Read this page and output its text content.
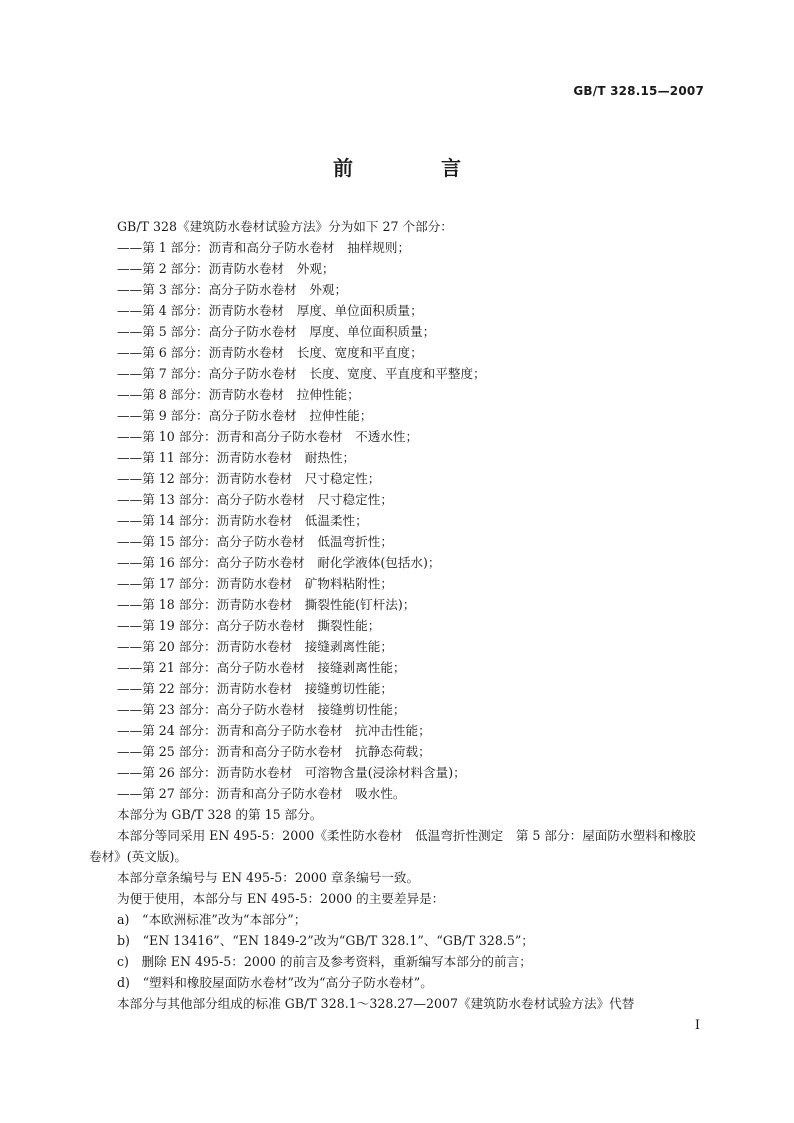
GB/T 328.15—2007
前　言
GB/T 328《建筑防水卷材试验方法》分为如下 27 个部分：
——第 1 部分：沥青和高分子防水卷材　抽样规则；
——第 2 部分：沥青防水卷材　外观；
——第 3 部分：高分子防水卷材　外观；
——第 4 部分：沥青防水卷材　厚度、单位面积质量；
——第 5 部分：高分子防水卷材　厚度、单位面积质量；
——第 6 部分：沥青防水卷材　长度、宽度和平直度；
——第 7 部分：高分子防水卷材　长度、宽度、平直度和平整度；
——第 8 部分：沥青防水卷材　拉伸性能；
——第 9 部分：高分子防水卷材　拉伸性能；
——第 10 部分：沥青和高分子防水卷材　不透水性；
——第 11 部分：沥青防水卷材　耐热性；
——第 12 部分：沥青防水卷材　尺寸稳定性；
——第 13 部分：高分子防水卷材　尺寸稳定性；
——第 14 部分：沥青防水卷材　低温柔性；
——第 15 部分：高分子防水卷材　低温弯折性；
——第 16 部分：高分子防水卷材　耐化学液体(包括水)；
——第 17 部分：沥青防水卷材　矿物料粘附性；
——第 18 部分：沥青防水卷材　撕裂性能(钉杆法)；
——第 19 部分：高分子防水卷材　撕裂性能；
——第 20 部分：沥青防水卷材　接缝剥离性能；
——第 21 部分：高分子防水卷材　接缝剥离性能；
——第 22 部分：沥青防水卷材　接缝剪切性能；
——第 23 部分：高分子防水卷材　接缝剪切性能；
——第 24 部分：沥青和高分子防水卷材　抗冲击性能；
——第 25 部分：沥青和高分子防水卷材　抗静态荷载；
——第 26 部分：沥青防水卷材　可溶物含量(浸涂材料含量)；
——第 27 部分：沥青和高分子防水卷材　吸水性。
本部分为 GB/T 328 的第 15 部分。
本部分等同采用 EN 495-5：2000《柔性防水卷材　低温弯折性测定　第 5 部分：屋面防水塑料和橡胶卷材》(英文版)。
本部分章条编号与 EN 495-5：2000 章条编号一致。
为便于使用，本部分与 EN 495-5：2000 的主要差异是：
a)　“本欧洲标准”改为“本部分”；
b)　“EN 13416”、“EN 1849-2”改为“GB/T 328.1”、“GB/T 328.5”；
c)　删除 EN 495-5：2000 的前言及参考资料，重新编写本部分的前言；
d)　“塑料和橡胶屋面防水卷材”改为“高分子防水卷材”。
本部分与其他部分组成的标准 GB/T 328.1～328.27—2007《建筑防水卷材试验方法》代替
I
